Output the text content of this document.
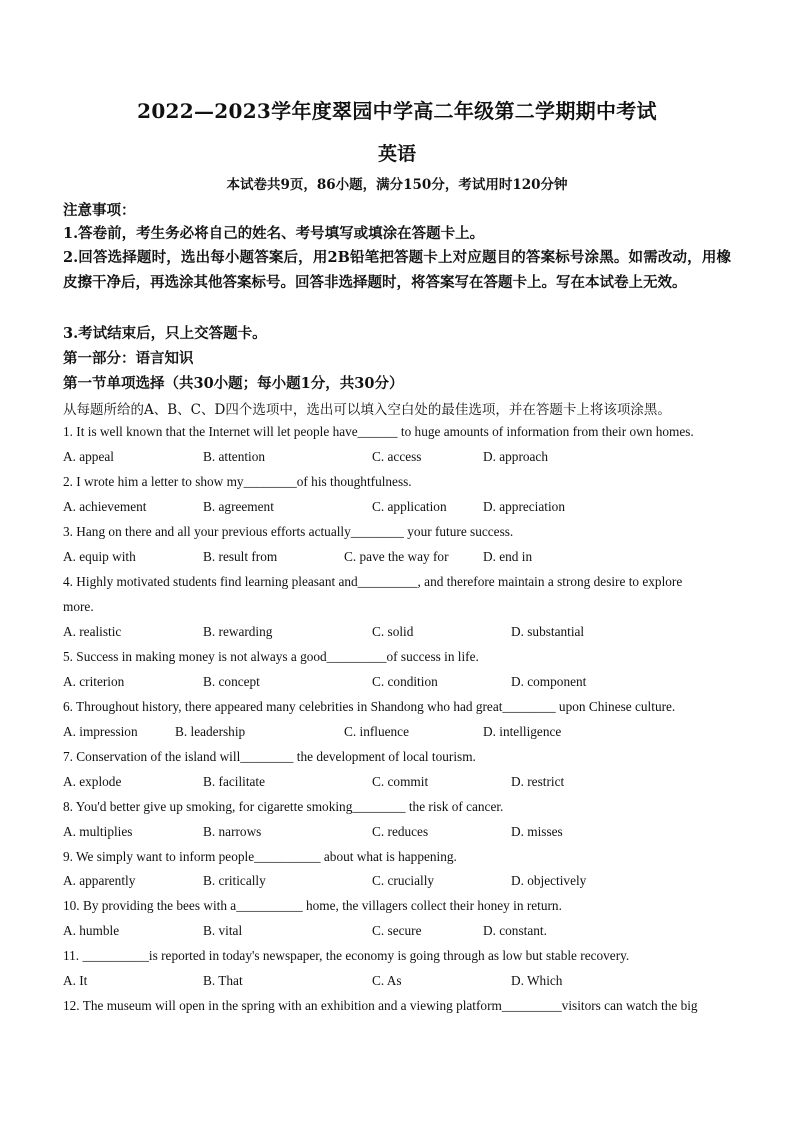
2022—2023学年度翠园中学高二年级第二学期期中考试
英语
本试卷共9页，86小题，满分150分，考试用时120分钟
注意事项：
1.答卷前，考生务必将自己的姓名、考号填写或填涂在答题卡上。
2.回答选择题时，选出每小题答案后，用2B铅笔把答题卡上对应题目的答案标号涂黑。如需改动，用橡皮擦干净后，再选涂其他答案标号。回答非选择题时，将答案写在答题卡上。写在本试卷上无效。
3.考试结束后，只上交答题卡。
第一部分：语言知识
第一节单项选择（共30小题；每小题1分，共30分）
从每题所给的A、B、C、D四个选项中，选出可以填入空白处的最佳选项，并在答题卡上将该项涂黑。
1. It is well known that the Internet will let people have______ to huge amounts of information from their own homes.
A. appeal	B. attention	C. access	D. approach
2. I wrote him a letter to show my________of his thoughtfulness.
A. achievement	B. agreement	C. application	D. appreciation
3. Hang on there and all your previous efforts actually________ your future success.
A. equip with	B. result from	C. pave the way for	D. end in
4. Highly motivated students find learning pleasant and_________, and therefore maintain a strong desire to explore
more.
A. realistic	B. rewarding	C. solid	D. substantial
5. Success in making money is not always a good_________of success in life.
A. criterion	B. concept	C. condition	D. component
6. Throughout history, there appeared many celebrities in Shandong who had great________ upon Chinese culture.
A. impression	B. leadership	C. influence	D. intelligence
7. Conservation of the island will________ the development of local tourism.
A. explode	B. facilitate	C. commit	D. restrict
8. You'd better give up smoking, for cigarette smoking________ the risk of cancer.
A. multiplies	B. narrows	C. reduces	D. misses
9. We simply want to inform people__________ about what is happening.
A. apparently	B. critically	C. crucially	D. objectively
10. By providing the bees with a__________ home, the villagers collect their honey in return.
A. humble	B. vital	C. secure	D. constant.
11. __________is reported in today's newspaper, the economy is going through as low but stable recovery.
A. It	B. That	C. As	D. Which
12. The museum will open in the spring with an exhibition and a viewing platform_________visitors can watch the big
